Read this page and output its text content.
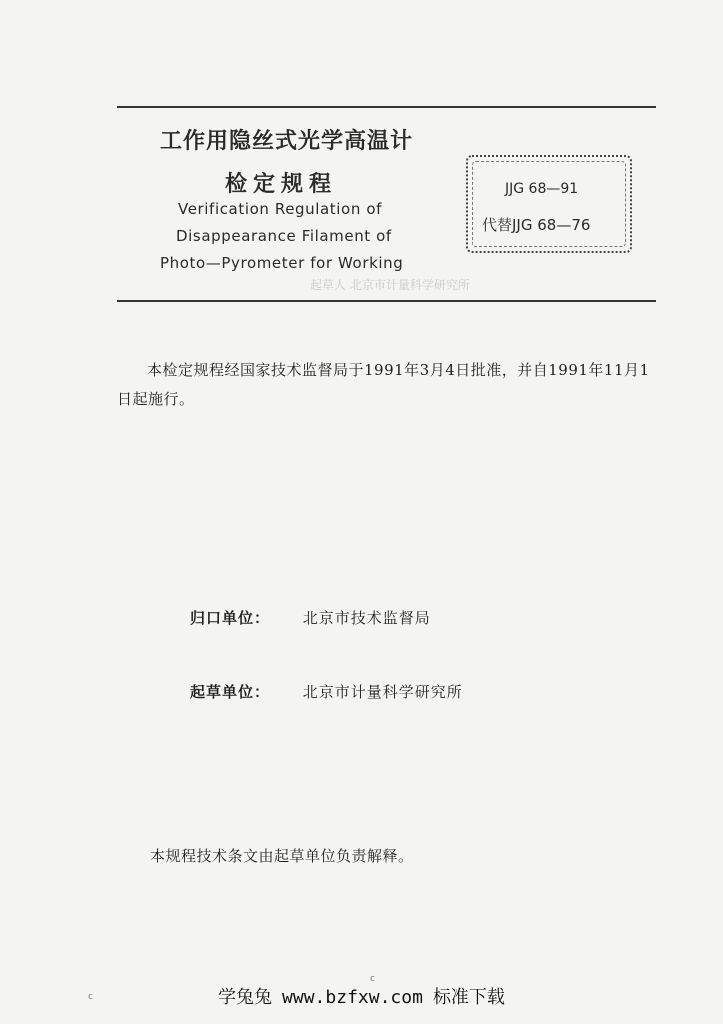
工作用隐丝式光学高温计
检定规程
Verification Regulation of
Disappearance Filament of
Photo—Pyrometer for Working
起草人 北京市计量科学研究所
JJG 68—91
代替JJG 68—76
本检定规程经国家技术监督局于1991年3月4日批准，并自1991年11月1日起施行。
归口单位： 北京市技术监督局
起草单位： 北京市计量科学研究所
本规程技术条文由起草单位负责解释。
c
c
学兔兔 www.bzfxw.com 标准下载
